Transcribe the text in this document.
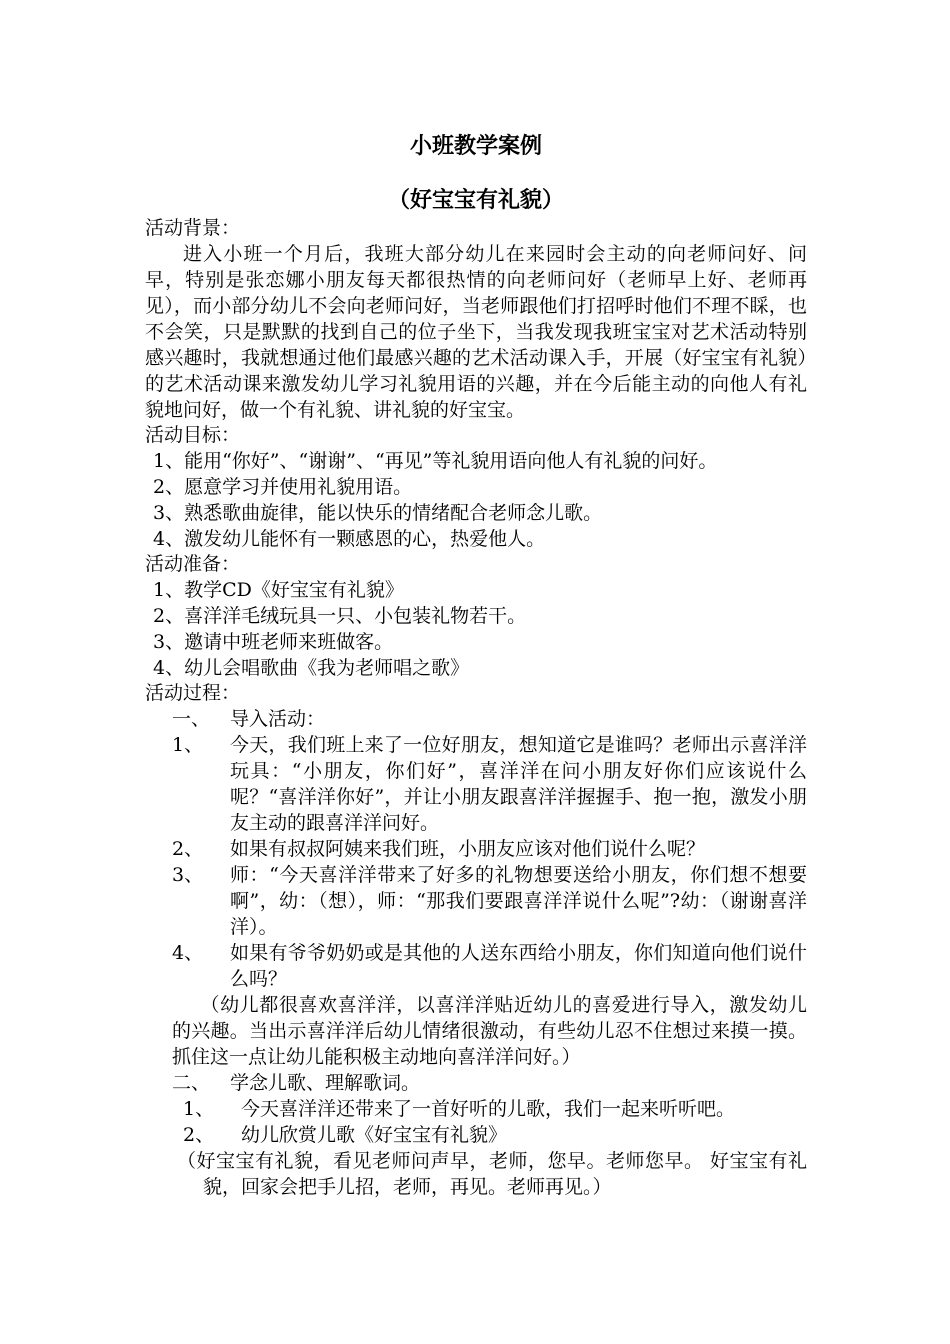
小班教学案例
（好宝宝有礼貌）

活动背景：

进入小班一个月后，我班大部分幼儿在来园时会主动的向老师问好、问早，特别是张恋娜小朋友每天都很热情的向老师问好（老师早上好、老师再见），而小部分幼儿不会向老师问好，当老师跟他们打招呼时他们不理不睬，也不会笑，只是默默的找到自己的位子坐下，当我发现我班宝宝对艺术活动特别感兴趣时，我就想通过他们最感兴趣的艺术活动课入手，开展（好宝宝有礼貌）的艺术活动课来激发幼儿学习礼貌用语的兴趣，并在今后能主动的向他人有礼貌地问好，做一个有礼貌、讲礼貌的好宝宝。

活动目标：

1、能用“你好”、“谢谢”、“再见”等礼貌用语向他人有礼貌的问好。

2、愿意学习并使用礼貌用语。

3、熟悉歌曲旋律，能以快乐的情绪配合老师念儿歌。

4、激发幼儿能怀有一颗感恩的心，热爱他人。

活动准备：

1、教学CD《好宝宝有礼貌》

2、喜洋洋毛绒玩具一只、小包装礼物若干。

3、邀请中班老师来班做客。

4、幼儿会唱歌曲《我为老师唱之歌》

活动过程：

一、	导入活动：
1、	今天，我们班上来了一位好朋友，想知道它是谁吗？老师出示喜洋洋玩具：“小朋友，你们好”，喜洋洋在问小朋友好你们应该说什么呢？“喜洋洋你好”，并让小朋友跟喜洋洋握握手、抱一抱，激发小朋友主动的跟喜洋洋问好。
2、	如果有叔叔阿姨来我们班，小朋友应该对他们说什么呢？
3、	师：“今天喜洋洋带来了好多的礼物想要送给小朋友，你们想不想要啊”，幼：（想），师：“那我们要跟喜洋洋说什么呢”?幼：（谢谢喜洋洋）。
4、	如果有爷爷奶奶或是其他的人送东西给小朋友，你们知道向他们说什么吗？

（幼儿都很喜欢喜洋洋，以喜洋洋贴近幼儿的喜爱进行导入，激发幼儿的兴趣。当出示喜洋洋后幼儿情绪很激动，有些幼儿忍不住想过来摸一摸。抓住这一点让幼儿能积极主动地向喜洋洋问好。）

二、	学念儿歌、理解歌词。
1、	今天喜洋洋还带来了一首好听的儿歌，我们一起来听听吧。
2、	幼儿欣赏儿歌《好宝宝有礼貌》

（好宝宝有礼貌，看见老师问声早，老师，您早。老师您早。 好宝宝有礼貌，回家会把手儿招，老师，再见。老师再见。）
